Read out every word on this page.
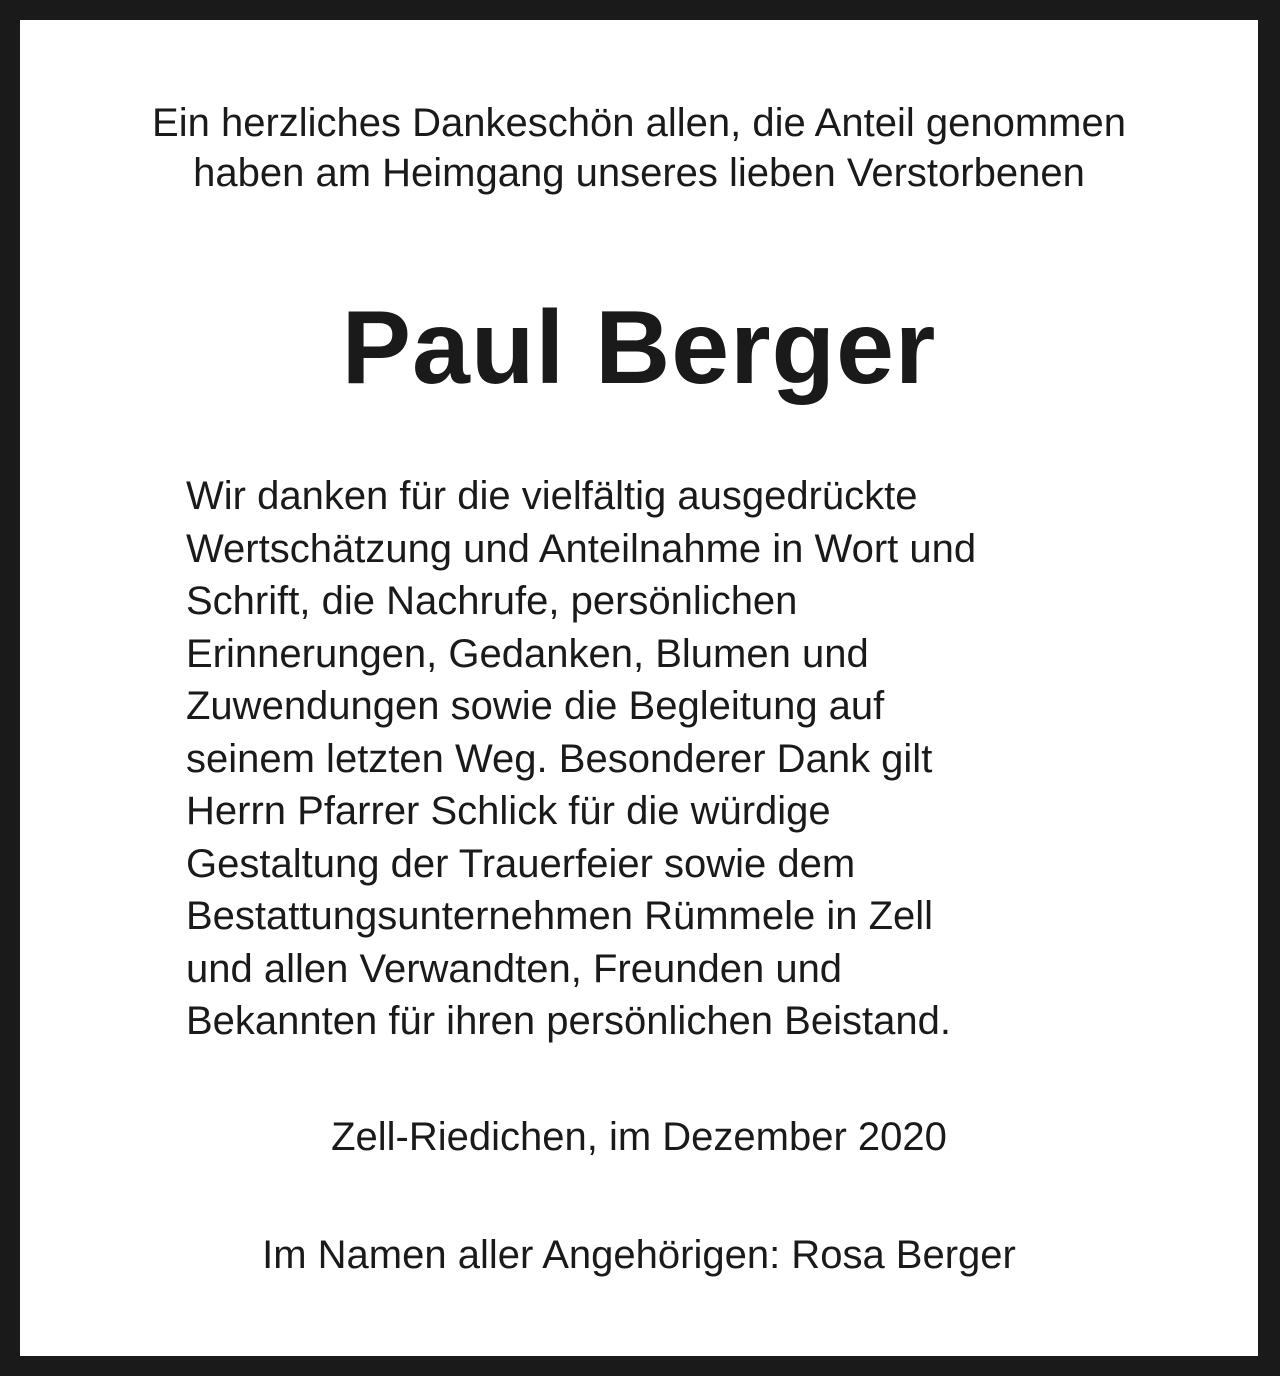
Ein herzliches Dankeschön allen, die Anteil genommen
haben am Heimgang unseres lieben Verstorbenen
Paul Berger
Wir danken für die vielfältig ausgedrückte
Wertschätzung und Anteilnahme in Wort und
Schrift, die Nachrufe, persönlichen
Erinnerungen, Gedanken, Blumen und
Zuwendungen sowie die Begleitung auf
seinem letzten Weg. Besonderer Dank gilt
Herrn Pfarrer Schlick für die würdige
Gestaltung der Trauerfeier sowie dem
Bestattungsunternehmen Rümmele in Zell
und allen Verwandten, Freunden und
Bekannten für ihren persönlichen Beistand.
Zell-Riedichen, im Dezember 2020
Im Namen aller Angehörigen: Rosa Berger
